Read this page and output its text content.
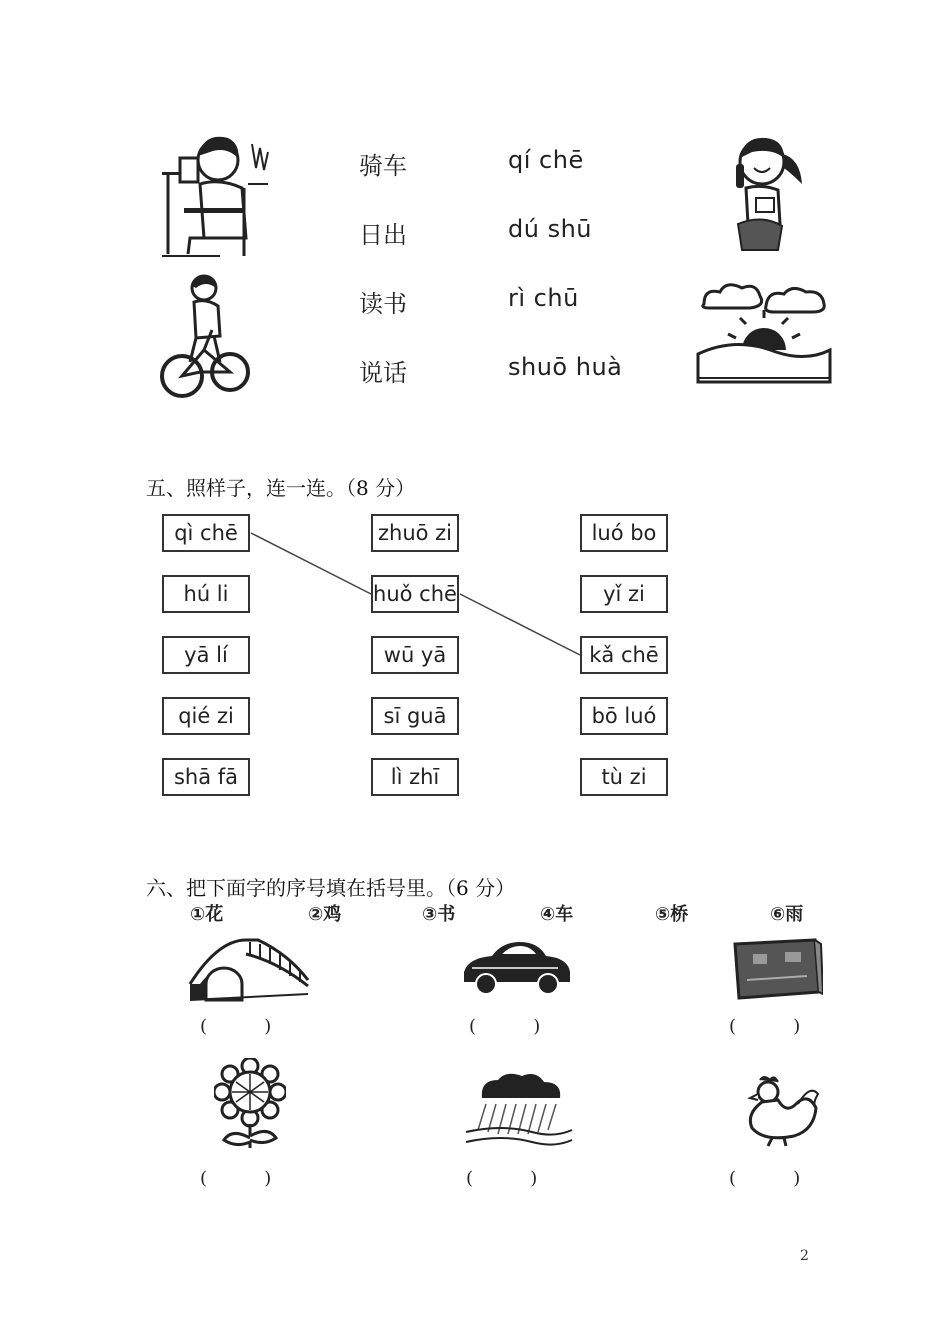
骑车
日出
读书
说话
qí chē
dú shū
rì chū
shuō huà
五、照样子，连一连。（8 分）
qì chē
hú li
yā lí
qié zi
shā fā
zhuō zi
huǒ chē
wū yā
sī guā
lì zhī
luó bo
yǐ zi
kǎ chē
bō luó
tù zi
六、把下面字的序号填在括号里。（6 分）
①花	②鸡	③书	④车	⑤桥	⑥雨
(          )	(          )	(          )
(          )	(          )	(          )
2
